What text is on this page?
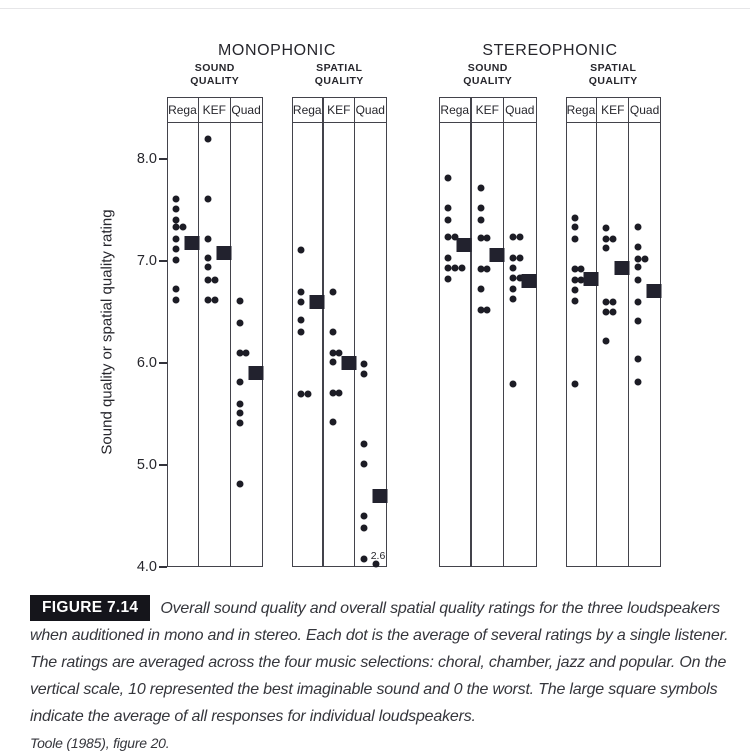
Sound quality or spatial quality rating
MONOPHONIC	STEREOPHONIC
8.0
7.0
6.0
5.0
4.0
SOUND
QUALITY
Rega KEF Quad
SPATIAL
QUALITY
Rega KEF Quad
2.6
SOUND
QUALITY
Rega KEF Quad
SPATIAL
QUALITY
Rega KEF Quad
FIGURE 7.14 Overall sound quality and overall spatial quality ratings for the three loudspeakers when auditioned in mono and in stereo. Each dot is the average of several ratings by a single listener. The ratings are averaged across the four music selections: choral, chamber, jazz and popular. On the vertical scale, 10 represented the best imaginable sound and 0 the worst. The large square symbols indicate the average of all responses for individual loudspeakers.
Toole (1985), figure 20.
